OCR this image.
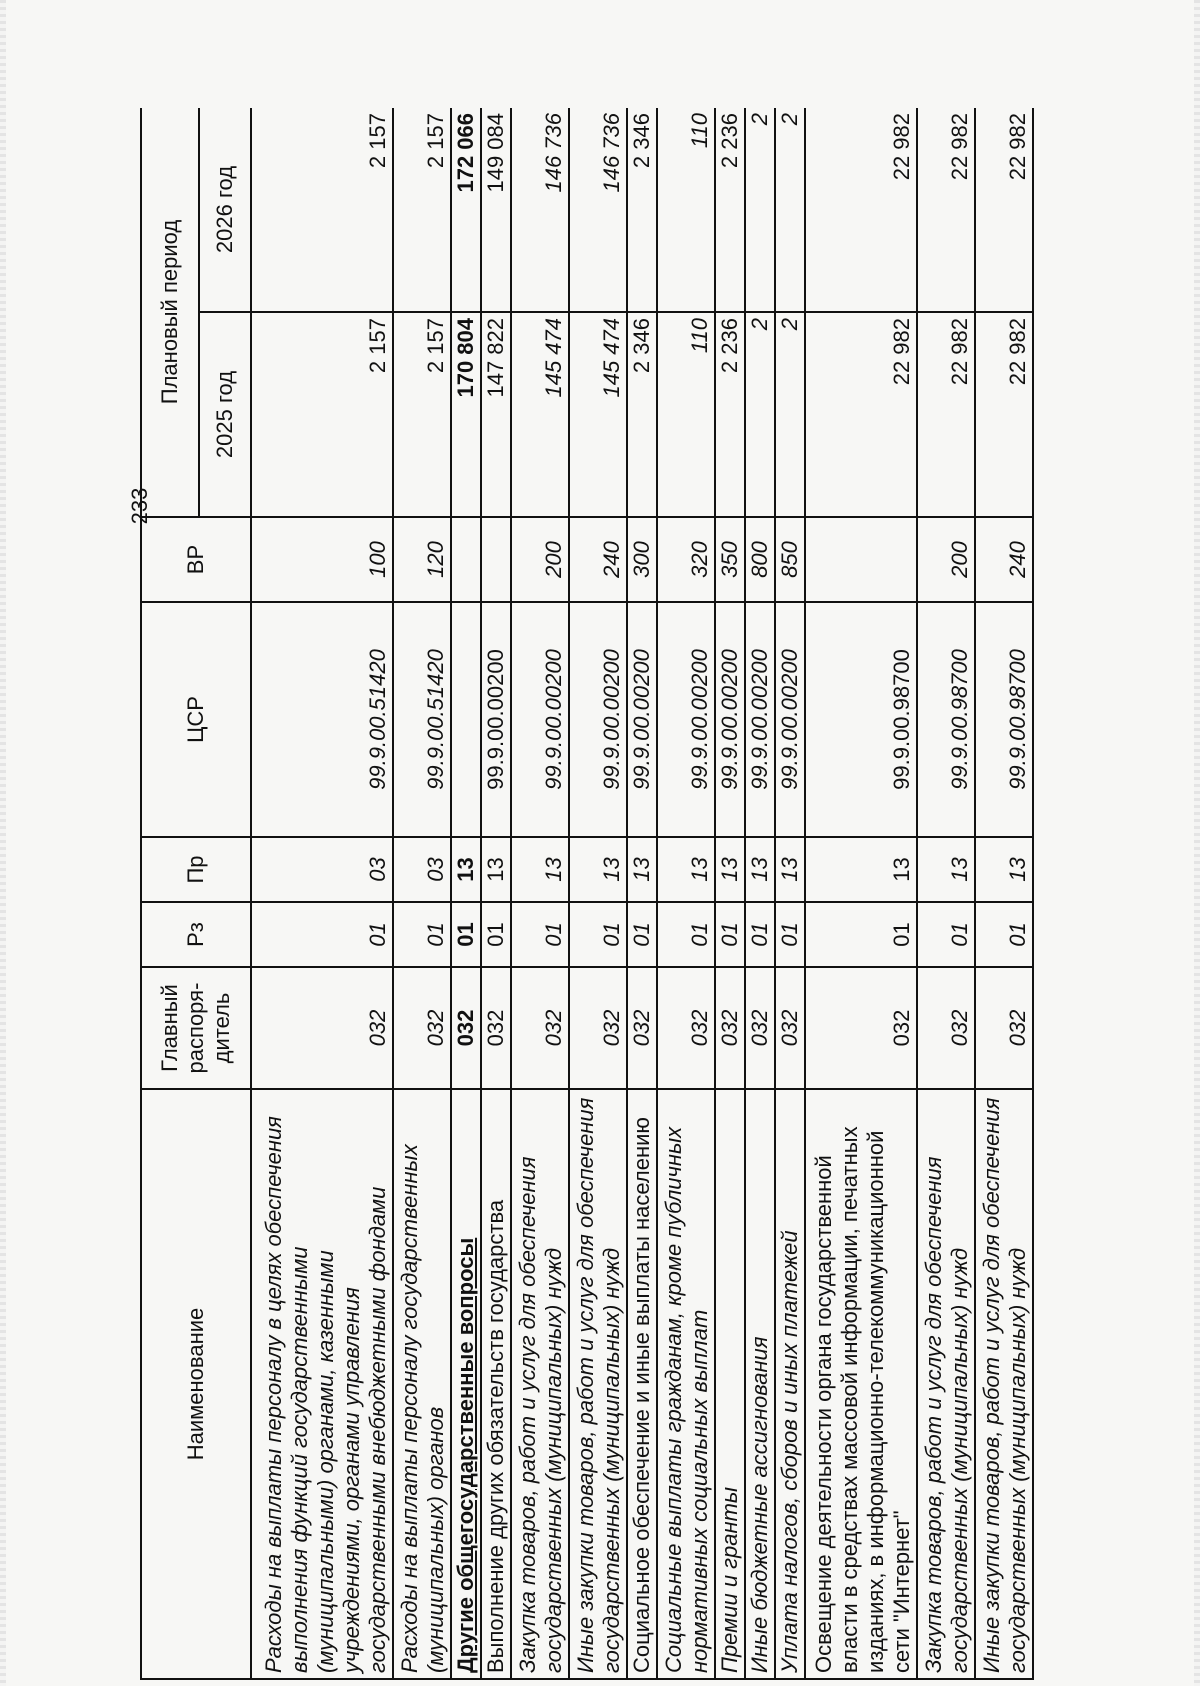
233
Наименование	Главный распоря- дитель	Рз	Пр	ЦСР	ВР	Плановый период	
						2025 год	2026 год
Расходы на выплаты персоналу в целях обеспечения выполнения функций государственными (муниципальными) органами, казенными учреждениями, органами управления государственными внебюджетными фондами	032	01	03	99.9.00.51420	100	2 157	2 157
Расходы на выплаты персоналу государственных (муниципальных) органов	032	01	03	99.9.00.51420	120	2 157	2 157
Другие общегосударственные вопросы	032	01	13			170 804	172 066
Выполнение других обязательств государства	032	01	13	99.9.00.00200		147 822	149 084
Закупка товаров, работ и услуг для обеспечения государственных (муниципальных) нужд	032	01	13	99.9.00.00200	200	145 474	146 736
Иные закупки товаров, работ и услуг для обеспечения государственных (муниципальных) нужд	032	01	13	99.9.00.00200	240	145 474	146 736
Социальное обеспечение и иные выплаты населению	032	01	13	99.9.00.00200	300	2 346	2 346
Социальные выплаты гражданам, кроме публичных нормативных социальных выплат	032	01	13	99.9.00.00200	320	110	110
Премии и гранты	032	01	13	99.9.00.00200	350	2 236	2 236
Иные бюджетные ассигнования	032	01	13	99.9.00.00200	800	2	2
Уплата налогов, сборов и иных платежей	032	01	13	99.9.00.00200	850	2	2
Освещение деятельности органа государственной власти в средствах массовой информации, печатных изданиях, в информационно-телекоммуникационной сети "Интернет"	032	01	13	99.9.00.98700		22 982	22 982
Закупка товаров, работ и услуг для обеспечения государственных (муниципальных) нужд	032	01	13	99.9.00.98700	200	22 982	22 982
Иные закупки товаров, работ и услуг для обеспечения государственных (муниципальных) нужд	032	01	13	99.9.00.98700	240	22 982	22 982
